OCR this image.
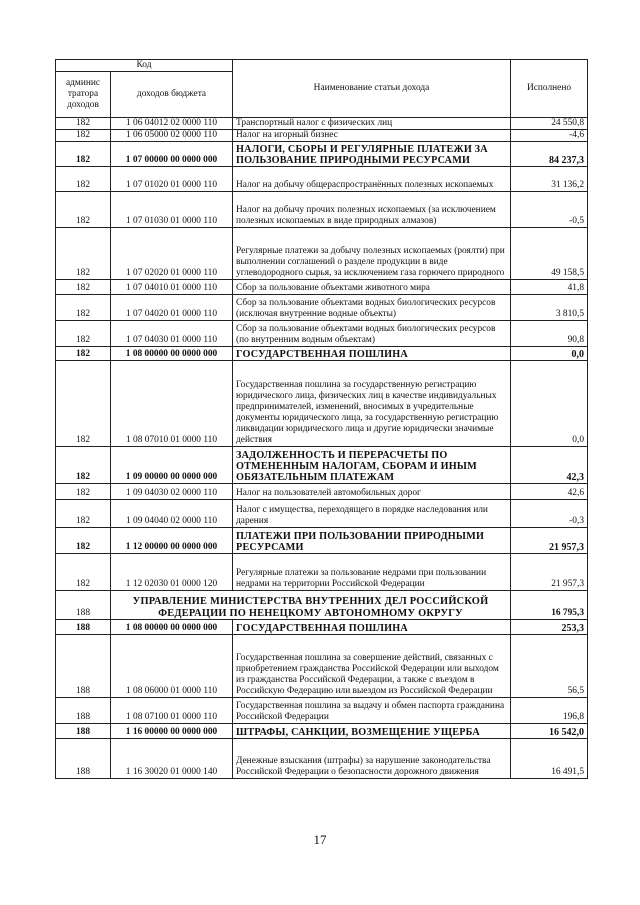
Код		Наименование статьи дохода	Исполнено
админис тратора доходов	доходов бюджета		
182	1 06 04012 02 0000 110	Транспортный налог с физических лиц	24 550,8
182	1 06 05000 02 0000 110	Налог на игорный бизнес	-4,6
182	1 07 00000 00 0000 000	НАЛОГИ, СБОРЫ И РЕГУЛЯРНЫЕ ПЛАТЕЖИ ЗА ПОЛЬЗОВАНИЕ ПРИРОДНЫМИ РЕСУРСАМИ	84 237,3
182	1 07 01020 01 0000 110	Налог на добычу общераспространённых полезных ископаемых	31 136,2
182	1 07 01030 01 0000 110	Налог на добычу прочих полезных ископаемых (за исключением полезных ископаемых в виде природных алмазов)	-0,5
182	1 07 02020 01 0000 110	Регулярные платежи за добычу полезных ископаемых (роялти) при выполнении соглашений о разделе продукции в виде углеводородного сырья, за исключением газа горючего природного	49 158,5
182	1 07 04010 01 0000 110	Сбор за пользование объектами животного мира	41,8
182	1 07 04020 01 0000 110	Сбор за пользование объектами водных биологических ресурсов (исключая внутренние водные объекты)	3 810,5
182	1 07 04030 01 0000 110	Сбор за пользование объектами водных биологических ресурсов (по внутренним водным объектам)	90,8
182	1 08 00000 00 0000 000	ГОСУДАРСТВЕННАЯ ПОШЛИНА	0,0
182	1 08 07010 01 0000 110	Государственная пошлина за государственную регистрацию юридического лица, физических лиц в качестве индивидуальных предпринимателей, изменений, вносимых в учредительные документы юридического лица, за государственную регистрацию ликвидации юридического лица и другие юридически значимые действия	0,0
182	1 09 00000 00 0000 000	ЗАДОЛЖЕННОСТЬ И ПЕРЕРАСЧЕТЫ ПО ОТМЕНЕННЫМ НАЛОГАМ, СБОРАМ И ИНЫМ ОБЯЗАТЕЛЬНЫМ ПЛАТЕЖАМ	42,3
182	1 09 04030 02 0000 110	Налог на пользователей автомобильных дорог	42,6
182	1 09 04040 02 0000 110	Налог с имущества, переходящего в порядке наследования или дарения	-0,3
182	1 12 00000 00 0000 000	ПЛАТЕЖИ ПРИ ПОЛЬЗОВАНИИ ПРИРОДНЫМИ РЕСУРСАМИ	21 957,3
182	1 12 02030 01 0000 120	Регулярные платежи за пользование недрами при пользовании недрами на территории Российской Федерации	21 957,3
188	УПРАВЛЕНИЕ МИНИСТЕРСТВА ВНУТРЕННИХ ДЕЛ РОССИЙСКОЙ ФЕДЕРАЦИИ ПО НЕНЕЦКОМУ АВТОНОМНОМУ ОКРУГУ		16 795,3
188	1 08 00000 00 0000 000	ГОСУДАРСТВЕННАЯ ПОШЛИНА	253,3
188	1 08 06000 01 0000 110	Государственная пошлина за совершение действий, связанных с приобретением гражданства Российской Федерации или выходом из гражданства Российской Федерации, а также с въездом в Российскую Федерацию или выездом из Российской Федерации	56,5
188	1 08 07100 01 0000 110	Государственная пошлина за выдачу и обмен паспорта гражданина Российской Федерации	196,8
188	1 16 00000 00 0000 000	ШТРАФЫ, САНКЦИИ, ВОЗМЕЩЕНИЕ УЩЕРБА	16 542,0
188	1 16 30020 01 0000 140	Денежные взыскания (штрафы) за нарушение законодательства Российской Федерации о безопасности дорожного движения	16 491,5
17
